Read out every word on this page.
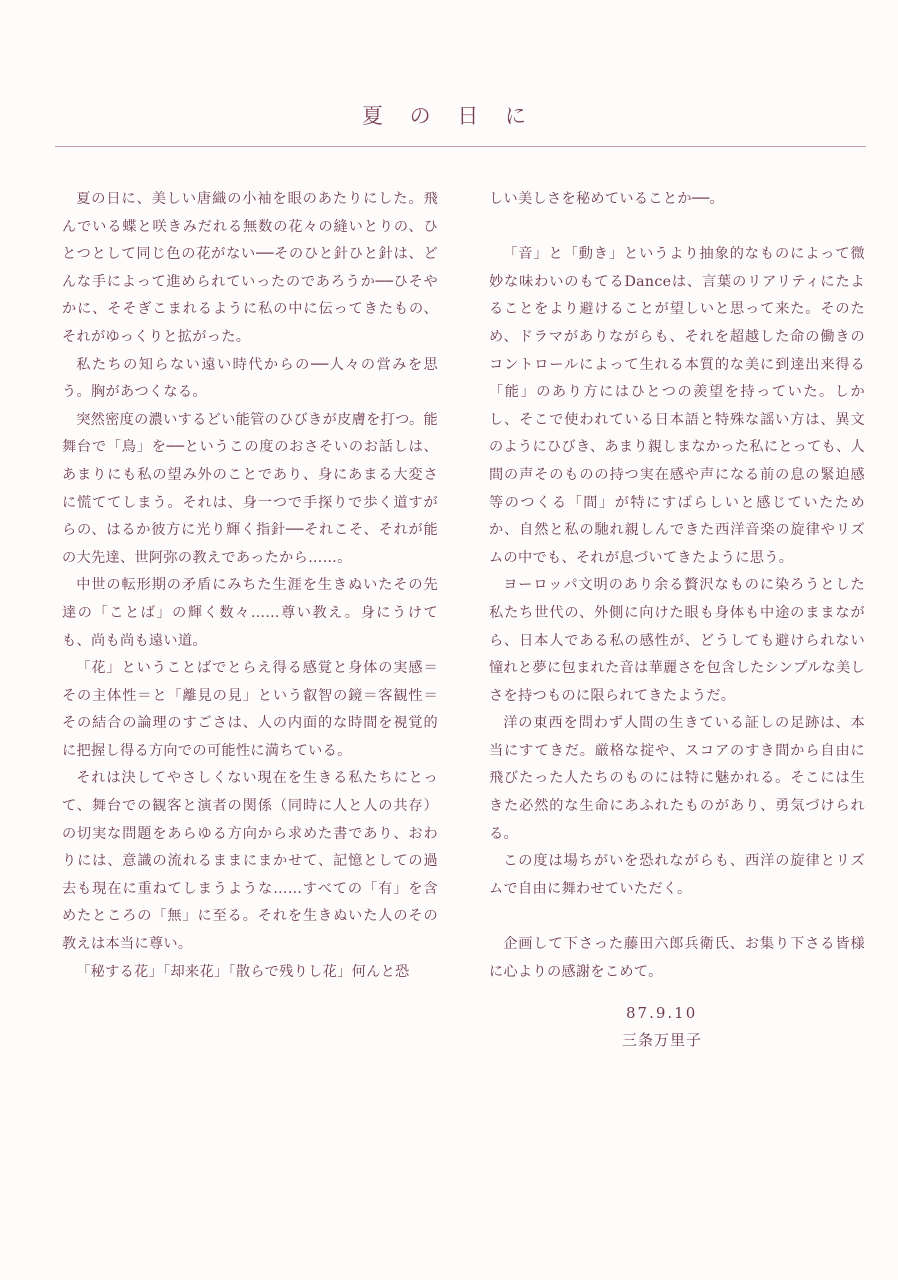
夏 の 日 に

夏の日に、美しい唐織の小袖を眼のあたりにした。飛んでいる蝶と咲きみだれる無数の花々の縫いとりの、ひとつとして同じ色の花がない──そのひと針ひと針は、どんな手によって進められていったのであろうか──ひそやかに、そそぎこまれるように私の中に伝ってきたもの、それがゆっくりと拡がった。

私たちの知らない遠い時代からの──人々の営みを思う。胸があつくなる。

突然密度の濃いするどい能管のひびきが皮膚を打つ。能舞台で「鳥」を──というこの度のおさそいのお話しは、あまりにも私の望み外のことであり、身にあまる大変さに慌ててしまう。それは、身一つで手探りで歩く道すがらの、はるか彼方に光り輝く指針──それこそ、それが能の大先達、世阿弥の教えであったから……。

中世の転形期の矛盾にみちた生涯を生きぬいたその先達の「ことば」の輝く数々……尊い教え。身にうけても、尚も尚も遠い道。

「花」ということばでとらえ得る感覚と身体の実感＝その主体性＝と「離見の見」という叡智の鏡＝客観性＝その結合の論理のすごさは、人の内面的な時間を視覚的に把握し得る方向での可能性に満ちている。

それは決してやさしくない現在を生きる私たちにとって、舞台での観客と演者の関係（同時に人と人の共存）の切実な問題をあらゆる方向から求めた書であり、おわりには、意識の流れるままにまかせて、記憶としての過去も現在に重ねてしまうような……すべての「有」を含めたところの「無」に至る。それを生きぬいた人のその教えは本当に尊い。

「秘する花」「却来花」「散らで残りし花」何んと恐

しい美しさを秘めていることか──。

「音」と「動き」というより抽象的なものによって微妙な味わいのもてるDanceは、言葉のリアリティにたよることをより避けることが望しいと思って来た。そのため、ドラマがありながらも、それを超越した命の働きのコントロールによって生れる本質的な美に到達出来得る「能」のあり方にはひとつの羨望を持っていた。しかし、そこで使われている日本語と特殊な謡い方は、異文のようにひびき、あまり親しまなかった私にとっても、人間の声そのものの持つ実在感や声になる前の息の緊迫感等のつくる「間」が特にすばらしいと感じていたためか、自然と私の馳れ親しんできた西洋音楽の旋律やリズムの中でも、それが息づいてきたように思う。

ヨーロッパ文明のあり余る贅沢なものに染ろうとした私たち世代の、外側に向けた眼も身体も中途のままながら、日本人である私の感性が、どうしても避けられない憧れと夢に包まれた音は華麗さを包含したシンプルな美しさを持つものに限られてきたようだ。

洋の東西を問わず人間の生きている証しの足跡は、本当にすてきだ。厳格な掟や、スコアのすき間から自由に飛びたった人たちのものには特に魅かれる。そこには生きた必然的な生命にあふれたものがあり、勇気づけられる。

この度は場ちがいを恐れながらも、西洋の旋律とリズムで自由に舞わせていただく。

企画して下さった藤田六郎兵衛氏、お集り下さる皆様に心よりの感謝をこめて。

87.9.10
三条万里子
